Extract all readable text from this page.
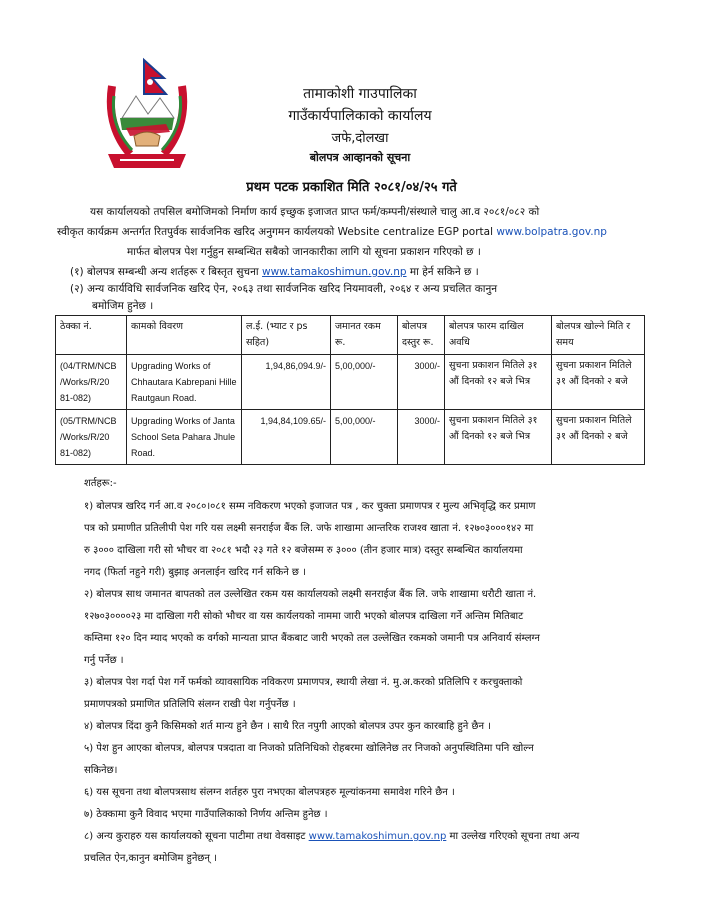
तामाकोशी गाउपालिका
गाउँकार्यपालिकाको कार्यालय
जफे,दोलखा
बोलपत्र आव्हानको सूचना
प्रथम पटक प्रकाशित मिति २०८१/०४/२५ गते
यस कार्यालयको तपसिल बमोजिमको निर्माण कार्य इच्छुक इजाजत प्राप्त फर्म/कम्पनी/संस्थाले चालु आ.व २०८१/०८२ को
स्वीकृत कार्यक्रम अन्तर्गत रितपुर्वक सार्वजनिक खरिद अनुगमन कार्यलयको Website centralize EGP portal www.bolpatra.gov.np
मार्फत बोलपत्र पेश गर्नुहुन सम्बन्धित सबैको जानकारीका लागि यो सूचना प्रकाशन गरिएको छ ।
(१) बोलपत्र सम्बन्धी अन्य शर्तहरू र बिस्तृत सुचना www.tamakoshimun.gov.np मा हेर्न सकिने छ ।
(२) अन्य कार्यविधि सार्वजनिक खरिद ऐन, २०६३ तथा सार्वजनिक खरिद नियमावली, २०६४ र अन्य प्रचलित कानुन
बमोजिम हुनेछ ।
ठेक्का नं.	कामको विवरण	ल.ई. (भ्याट र ps सहित)	जमानत रकम रू.	बोलपत्र दस्तुर रू.	बोलपत्र फारम दाखिल अवधि	बोलपत्र खोल्ने मिति र समय
(04/TRM/NCB /Works/R/20 81-082)	Upgrading Works of Chhautara Kabrepani Hille Rautgaun Road.	1,94,86,094.9/-	5,00,000/-	3000/-	सुचना प्रकाशन मितिले ३१ औं दिनको १२ बजे भित्र	सुचना प्रकाशन मितिले ३१ औं दिनको २ बजे
(05/TRM/NCB /Works/R/20 81-082)	Upgrading Works of Janta School Seta Pahara Jhule Road.	1,94,84,109.65/-	5,00,000/-	3000/-	सुचना प्रकाशन मितिले ३१ औं दिनको १२ बजे भित्र	सुचना प्रकाशन मितिले ३१ औं दिनको २ बजे
शर्तहरू:-
१) बोलपत्र खरिद गर्न आ.व २०८०।०८१ सम्म नविकरण भएको इजाजत पत्र , कर चुक्ता प्रमाणपत्र र मुल्य अभिवृद्धि कर प्रमाण
पत्र को प्रमाणीत प्रतिलीपी पेश गरि यस लक्ष्मी सनराईज बैंक लि. जफे शाखामा आन्तरिक राजश्व खाता नं. १२७०३०००१४२ मा
रु ३००० दाखिला गरी सो भौचर वा २०८१ भदौ २३ गते १२ बजेसम्म रु ३००० (तीन हजार मात्र) दस्तुर सम्बन्धित कार्यालयमा
नगद (फिर्ता नहुने गरी) बुझाइ अनलाईन खरिद गर्न सकिने छ ।
२) बोलपत्र साथ जमानत बापतको तल उल्लेखित रकम यस कार्यालयको लक्ष्मी सनराईज बैंक लि. जफे शाखामा धरौटी खाता नं.
१२७०३००००२३ मा दाखिला गरी सोको भौचर वा यस कार्यलयको नाममा जारी भएको बोलपत्र दाखिला गर्ने अन्तिम मितिबाट
कम्तिमा १२० दिन म्याद भएको क वर्गको मान्यता प्राप्त बैंकबाट जारी भएको तल उल्लेखित रकमको जमानी पत्र अनिवार्य संम्लग्न
गर्नु पर्नेछ ।
३) बोलपत्र पेश गर्दा पेश गर्ने फर्मको व्यावसायिक नविकरण प्रमाणपत्र, स्थायी लेखा नं. मु.अ.करको प्रतिलिपि र करचुक्ताको
प्रमाणपत्रको प्रमाणित प्रतिलिपि संलग्न राखी पेश गर्नुपर्नेछ ।
४) बोलपत्र दिंदा कुनै किसिमको शर्त मान्य हुने छैन । साथै रित नपुगी आएको बोलपत्र उपर कुन कारबाहि हुने छैन ।
५) पेश हुन आएका बोलपत्र, बोलपत्र पत्रदाता वा निजको प्रतिनिधिको रोहबरमा खोलिनेछ तर निजको अनुपस्थितिमा पनि खोल्न
सकिनेछ।
६) यस सूचना तथा बोलपत्रसाथ संलग्न शर्तहरु पुरा नभएका बोलपत्रहरु मूल्यांकनमा समावेश गरिने छैन ।
७) ठेक्कामा कुनै विवाद भएमा गाउँपालिकाको निर्णय अन्तिम हुनेछ ।
८) अन्य कुराहरु यस कार्यालयको सूचना पाटीमा तथा वेवसाइट www.tamakoshimun.gov.np मा उल्लेख गरिएको सूचना तथा अन्य
प्रचलित ऐन,कानुन बमोजिम हुनेछन् ।
